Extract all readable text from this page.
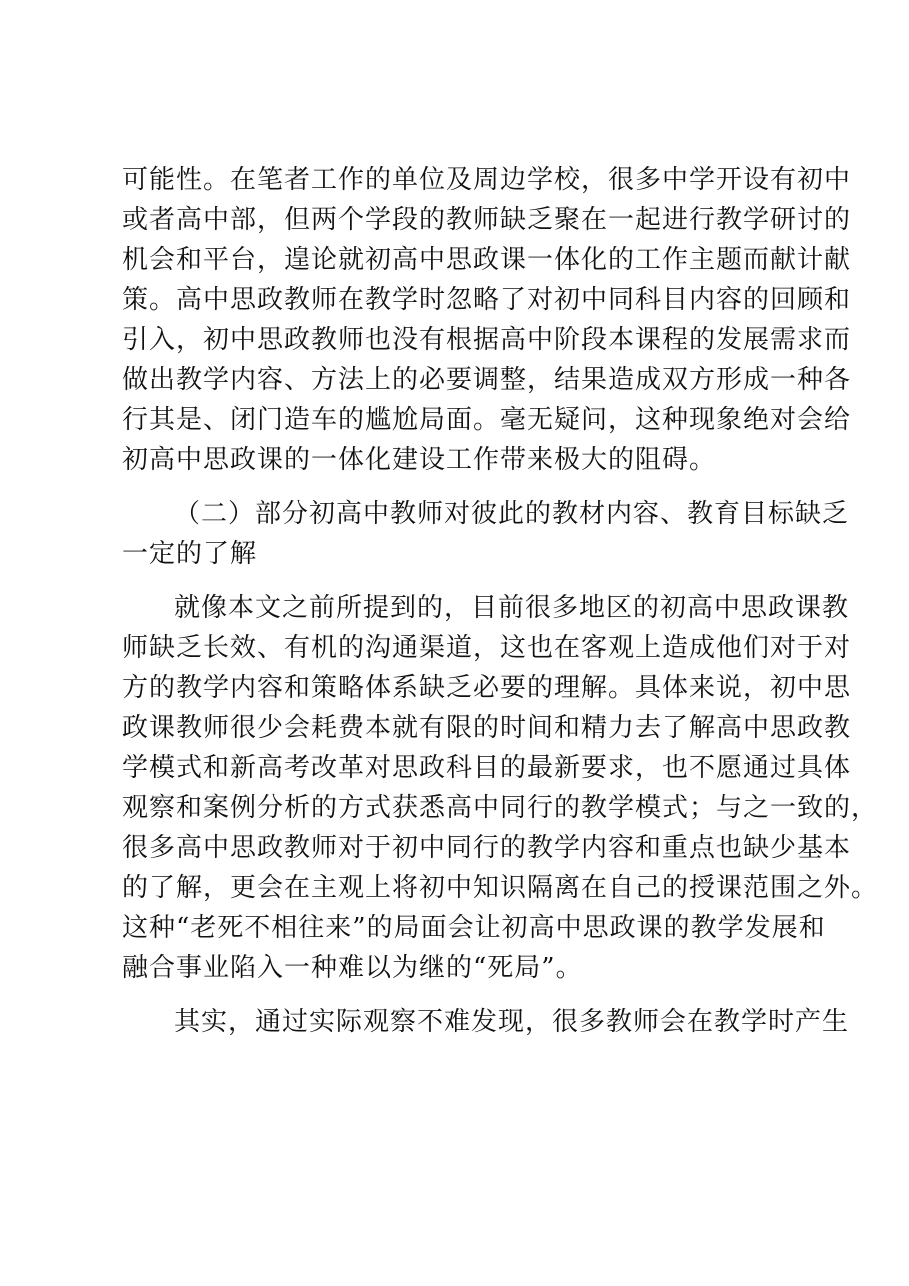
可能性。在笔者工作的单位及周边学校，很多中学开设有初中
或者高中部，但两个学段的教师缺乏聚在一起进行教学研讨的
机会和平台，遑论就初高中思政课一体化的工作主题而献计献
策。高中思政教师在教学时忽略了对初中同科目内容的回顾和
引入，初中思政教师也没有根据高中阶段本课程的发展需求而
做出教学内容、方法上的必要调整，结果造成双方形成一种各
行其是、闭门造车的尴尬局面。毫无疑问，这种现象绝对会给
初高中思政课的一体化建设工作带来极大的阻碍。
（二）部分初高中教师对彼此的教材内容、教育目标缺乏
一定的了解
就像本文之前所提到的，目前很多地区的初高中思政课教
师缺乏长效、有机的沟通渠道，这也在客观上造成他们对于对
方的教学内容和策略体系缺乏必要的理解。具体来说，初中思
政课教师很少会耗费本就有限的时间和精力去了解高中思政教
学模式和新高考改革对思政科目的最新要求，也不愿通过具体
观察和案例分析的方式获悉高中同行的教学模式；与之一致的，
很多高中思政教师对于初中同行的教学内容和重点也缺少基本
的了解，更会在主观上将初中知识隔离在自己的授课范围之外。
这种“老死不相往来”的局面会让初高中思政课的教学发展和
融合事业陷入一种难以为继的“死局”。
其实，通过实际观察不难发现，很多教师会在教学时产生
